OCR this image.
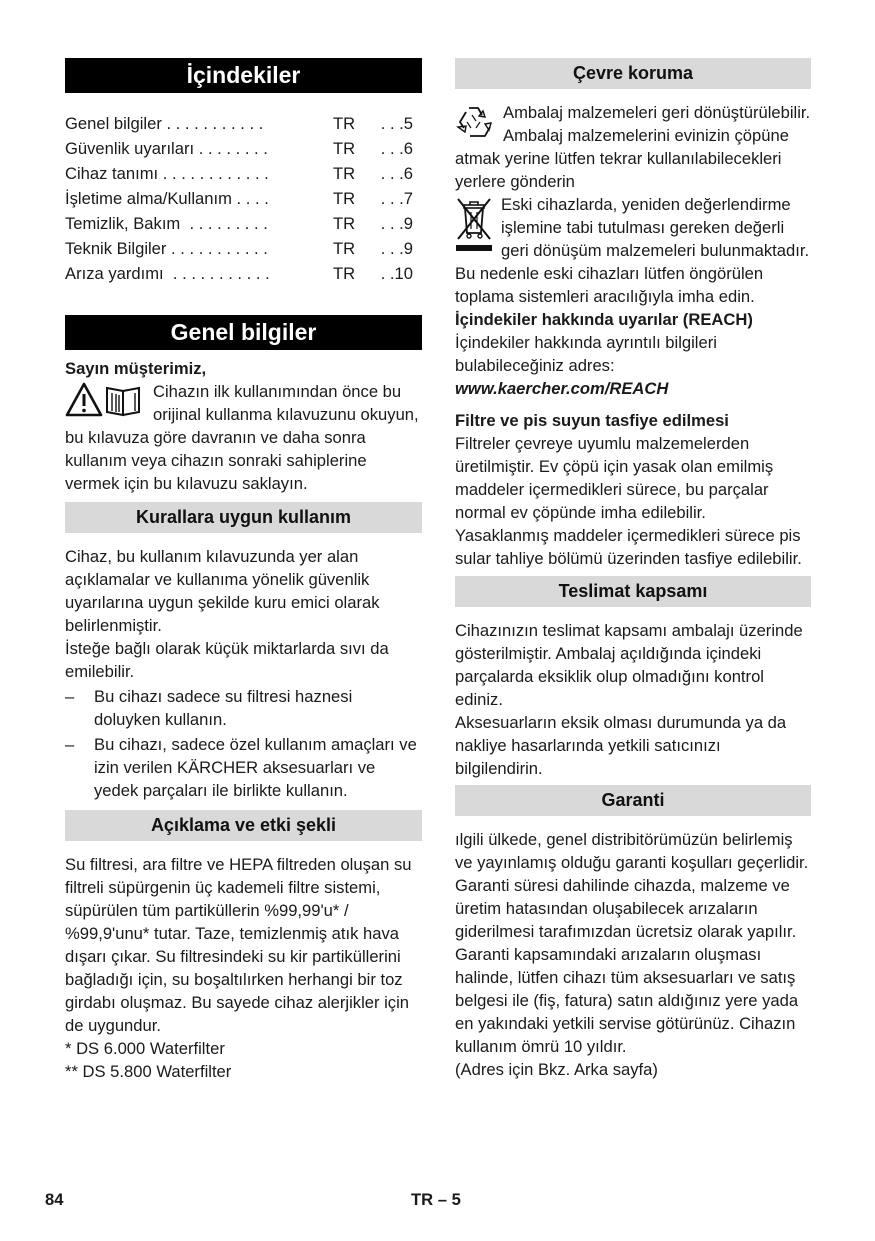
İçindekiler
Genel bilgiler . . . . . . . . . . .	TR	. . .5
Güvenlik uyarıları . . . . . . . .	TR	. . .6
Cihaz tanımı . . . . . . . . . . . .	TR	. . .6
İşletime alma/Kullanım . . . .	TR	. . .7
Temizlik, Bakım  . . . . . . . . .	TR	. . .9
Teknik Bilgiler . . . . . . . . . . .	TR	. . .9
Arıza yardımı  . . . . . . . . . . .	TR	. .10
Genel bilgiler

Sayın müşterimiz,

Cihazın ilk kullanımından önce bu orijinal kullanma kılavuzunu okuyun, bu kılavuza göre davranın ve daha sonra kullanım veya cihazın sonraki sahiplerine vermek için bu kılavuzu saklayın.

Kurallara uygun kullanım

Cihaz, bu kullanım kılavuzunda yer alan açıklamalar ve kullanıma yönelik güvenlik uyarılarına uygun şekilde kuru emici olarak belirlenmiştir.

İsteğe bağlı olarak küçük miktarlarda sıvı da emilebilir.

–	Bu cihazı sadece su filtresi haznesi doluyken kullanın.
–	Bu cihazı, sadece özel kullanım amaçları ve izin verilen KÄRCHER aksesuarları ve yedek parçaları ile birlikte kullanın.
Açıklama ve etki şekli

Su filtresi, ara filtre ve HEPA filtreden oluşan su filtreli süpürgenin üç kademeli filtre sistemi, süpürülen tüm partiküllerin %99,99'u* / %99,9'unu* tutar. Taze, temizlenmiş atık hava dışarı çıkar. Su filtresindeki su kir partiküllerini bağladığı için, su boşaltılırken herhangi bir toz girdabı oluşmaz. Bu sayede cihaz alerjikler için de uygundur.

* DS 6.000 Waterfilter

** DS 5.800 Waterfilter

Çevre koruma

Ambalaj malzemeleri geri dönüştürülebilir. Ambalaj malzemelerini evinizin çöpüne atmak yerine lütfen tekrar kullanılabilecekleri yerlere gönderin

Eski cihazlarda, yeniden değerlendirme işlemine tabi tutulması gereken değerli geri dönüşüm malzemeleri bulunmaktadır. Bu nedenle eski cihazları lütfen öngörülen toplama sistemleri aracılığıyla imha edin.

İçindekiler hakkında uyarılar (REACH)

İçindekiler hakkında ayrıntılı bilgileri bulabileceğiniz adres:

www.kaercher.com/REACH

Filtre ve pis suyun tasfiye edilmesi

Filtreler çevreye uyumlu malzemelerden üretilmiştir. Ev çöpü için yasak olan emilmiş maddeler içermedikleri sürece, bu parçalar normal ev çöpünde imha edilebilir.

Yasaklanmış maddeler içermedikleri sürece pis sular tahliye bölümü üzerinden tasfiye edilebilir.

Teslimat kapsamı

Cihazınızın teslimat kapsamı ambalajı üzerinde gösterilmiştir. Ambalaj açıldığında içindeki parçalarda eksiklik olup olmadığını kontrol ediniz.

Aksesuarların eksik olması durumunda ya da nakliye hasarlarında yetkili satıcınızı bilgilendirin.

Garanti

ılgili ülkede, genel distribitörümüzün belirlemiş ve yayınlamış olduğu garanti koşulları geçerlidir. Garanti süresi dahilinde cihazda, malzeme ve üretim hatasından oluşabilecek arızaların giderilmesi tarafımızdan ücretsiz olarak yapılır. Garanti kapsamındaki arızaların oluşması halinde, lütfen cihazı tüm aksesuarları ve satış belgesi ile (fiş, fatura) satın aldığınız yere yada en yakındaki yetkili servise götürünüz. Cihazın kullanım ömrü 10 yıldır.

(Adres için Bkz. Arka sayfa)

84	TR – 5
